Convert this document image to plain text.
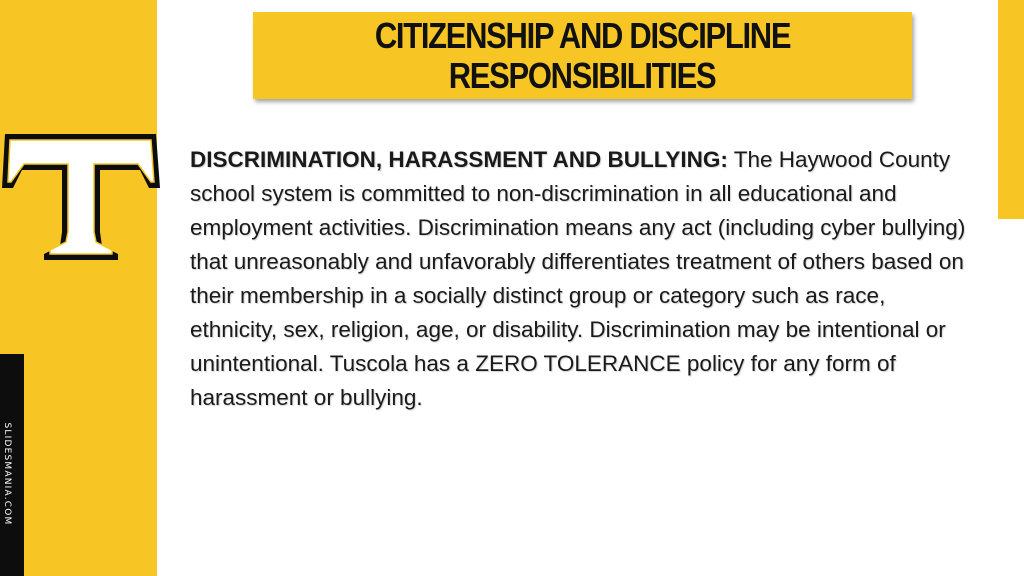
SLIDESMANIA.COM
CITIZENSHIP AND DISCIPLINE
RESPONSIBILITIES
DISCRIMINATION, HARASSMENT AND BULLYING: The Haywood County school system is committed to non-discrimination in all educational and employment activities. Discrimination means any act (including cyber bullying) that unreasonably and unfavorably differentiates treatment of others based on their membership in a socially distinct group or category such as race, ethnicity, sex, religion, age, or disability. Discrimination may be intentional or unintentional. Tuscola has a ZERO TOLERANCE policy for any form of harassment or bullying.
